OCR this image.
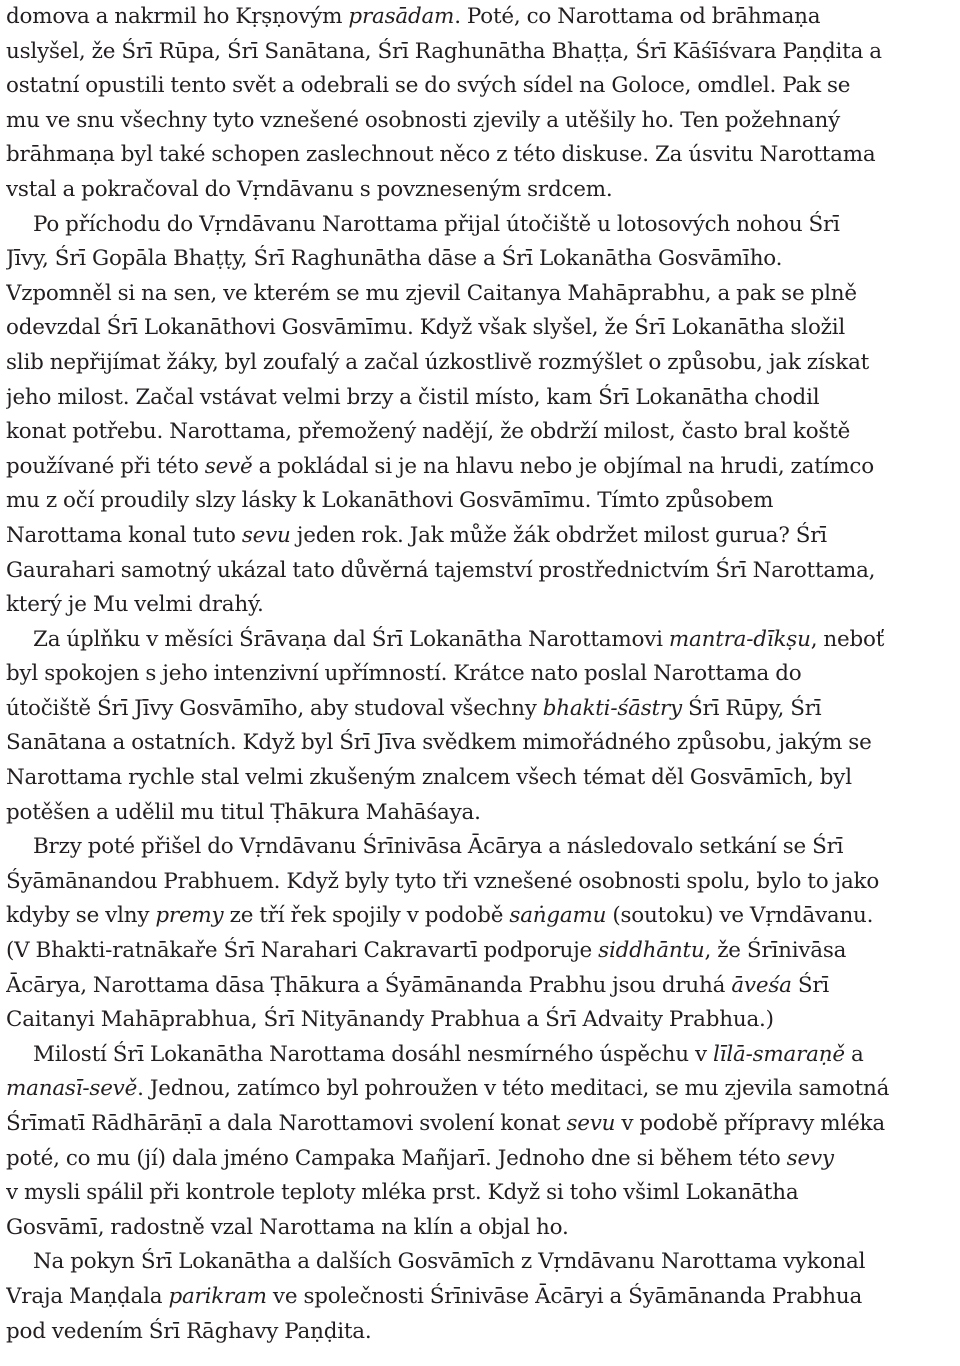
domova a nakrmil ho Kṛṣṇovým prasādam. Poté, co Narottama od brāhmaṇa
uslyšel, že Śrī Rūpa, Śrī Sanātana, Śrī Raghunātha Bhaṭṭa, Śrī Kāśīśvara Paṇḍita a
ostatní opustili tento svět a odebrali se do svých sídel na Goloce, omdlel. Pak se
mu ve snu všechny tyto vznešené osobnosti zjevily a utěšily ho. Ten požehnaný
brāhmaṇa byl také schopen zaslechnout něco z této diskuse. Za úsvitu Narottama
vstal a pokračoval do Vṛndāvanu s povzneseným srdcem.
Po příchodu do Vṛndāvanu Narottama přijal útočiště u lotosových nohou Śrī
Jīvy, Śrī Gopāla Bhaṭṭy, Śrī Raghunātha dāse a Śrī Lokanātha Gosvāmīho.
Vzpomněl si na sen, ve kterém se mu zjevil Caitanya Mahāprabhu, a pak se plně
odevzdal Śrī Lokanāthovi Gosvāmīmu. Když však slyšel, že Śrī Lokanātha složil
slib nepřijímat žáky, byl zoufalý a začal úzkostlivě rozmýšlet o způsobu, jak získat
jeho milost. Začal vstávat velmi brzy a čistil místo, kam Śrī Lokanātha chodil
konat potřebu. Narottama, přemožený nadějí, že obdrží milost, často bral koště
používané při této sevě a pokládal si je na hlavu nebo je objímal na hrudi, zatímco
mu z očí proudily slzy lásky k Lokanāthovi Gosvāmīmu. Tímto způsobem
Narottama konal tuto sevu jeden rok. Jak může žák obdržet milost gurua? Śrī
Gaurahari samotný ukázal tato důvěrná tajemství prostřednictvím Śrī Narottama,
který je Mu velmi drahý.
Za úplňku v měsíci Śrāvaṇa dal Śrī Lokanātha Narottamovi mantra-dīkṣu, neboť
byl spokojen s jeho intenzivní upřímností. Krátce nato poslal Narottama do
útočiště Śrī Jīvy Gosvāmīho, aby studoval všechny bhakti-śāstry Śrī Rūpy, Śrī
Sanātana a ostatních. Když byl Śrī Jīva svědkem mimořádného způsobu, jakým se
Narottama rychle stal velmi zkušeným znalcem všech témat děl Gosvāmīch, byl
potěšen a udělil mu titul Ṭhākura Mahāśaya.
Brzy poté přišel do Vṛndāvanu Śrīnivāsa Ācārya a následovalo setkání se Śrī
Śyāmānandou Prabhuem. Když byly tyto tři vznešené osobnosti spolu, bylo to jako
kdyby se vlny premy ze tří řek spojily v podobě saṅgamu (soutoku) ve Vṛndāvanu.
(V Bhakti-ratnākaře Śrī Narahari Cakravartī podporuje siddhāntu, že Śrīnivāsa
Ācārya, Narottama dāsa Ṭhākura a Śyāmānanda Prabhu jsou druhá āveśa Śrī
Caitanyi Mahāprabhua, Śrī Nityānandy Prabhua a Śrī Advaity Prabhua.)
Milostí Śrī Lokanātha Narottama dosáhl nesmírného úspěchu v līlā-smaraṇě a
manasī-sevě. Jednou, zatímco byl pohroužen v této meditaci, se mu zjevila samotná
Śrīmatī Rādhārāṇī a dala Narottamovi svolení konat sevu v podobě přípravy mléka
poté, co mu (jí) dala jméno Campaka Mañjarī. Jednoho dne si během této sevy
v mysli spálil při kontrole teploty mléka prst. Když si toho všiml Lokanātha
Gosvāmī, radostně vzal Narottama na klín a objal ho.
Na pokyn Śrī Lokanātha a dalších Gosvāmīch z Vṛndāvanu Narottama vykonal
Vraja Maṇḍala parikram ve společnosti Śrīnivāse Ācāryi a Śyāmānanda Prabhua
pod vedením Śrī Rāghavy Paṇḍita.
